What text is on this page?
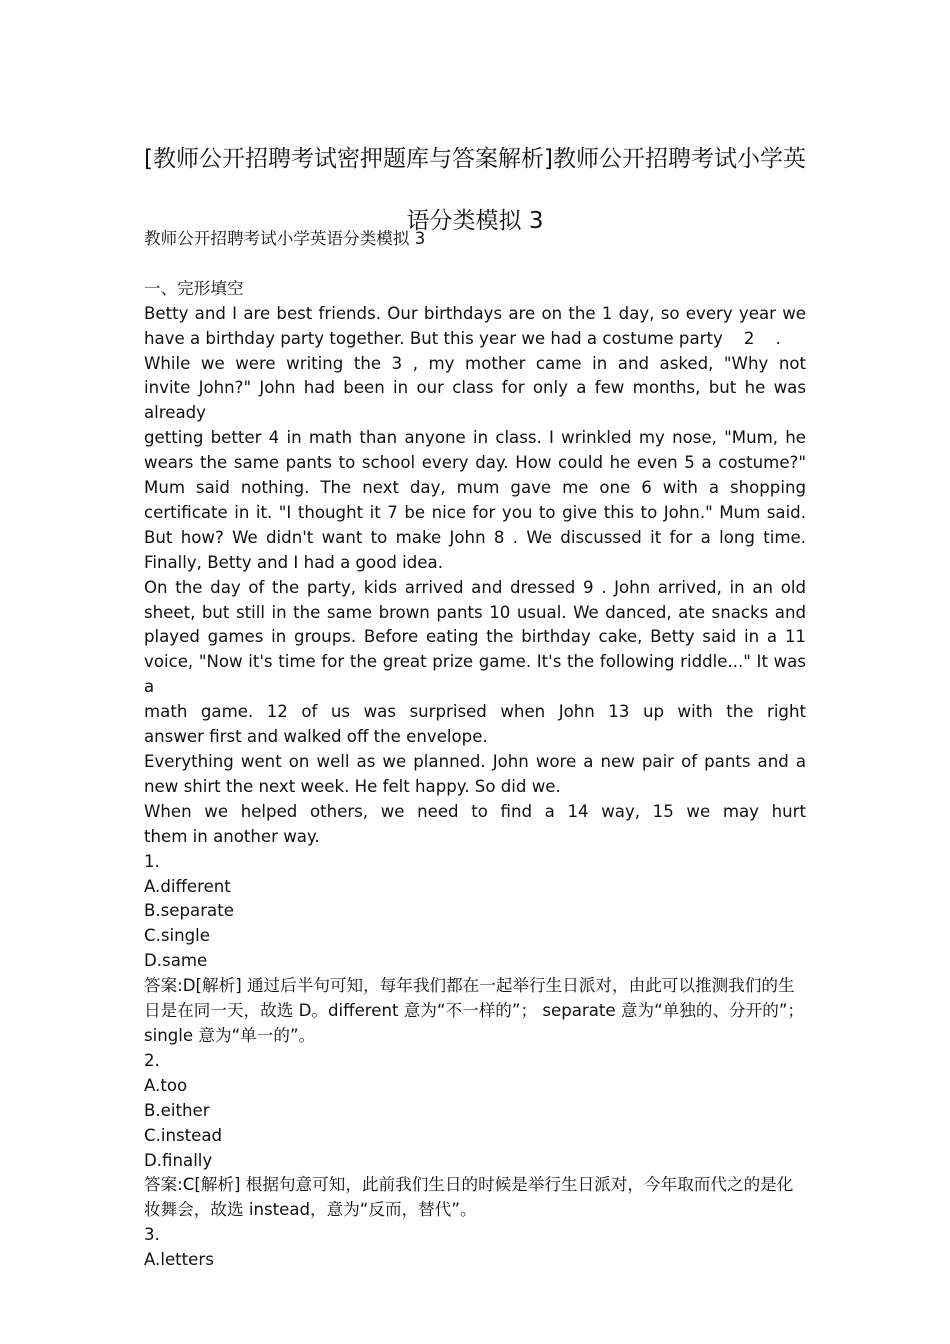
[教师公开招聘考试密押题库与答案解析]教师公开招聘考试小学英
语分类模拟 3
教师公开招聘考试小学英语分类模拟 3
一、完形填空
Betty and I are best friends. Our birthdays are on the 1 day, so every year we
have a birthday party together. But this year we had a costume party    2    .
While we were writing the 3 , my mother came in and asked, "Why not
invite John?" John had been in our class for only a few months, but he was already
getting better 4 in math than anyone in class. I wrinkled my nose, "Mum, he
wears the same pants to school every day. How could he even 5 a costume?"
Mum said nothing. The next day, mum gave me one 6 with a shopping
certificate in it. "I thought it 7 be nice for you to give this to John." Mum said.
But how? We didn't want to make John 8 . We discussed it for a long time.
Finally, Betty and I had a good idea.
On the day of the party, kids arrived and dressed 9 . John arrived, in an old
sheet, but still in the same brown pants 10 usual. We danced, ate snacks and
played games in groups. Before eating the birthday cake, Betty said in a 11
voice, "Now it's time for the great prize game. It's the following riddle..." It was a
math game. 12 of us was surprised when John 13 up with the right
answer first and walked off the envelope.
Everything went on well as we planned. John wore a new pair of pants and a
new shirt the next week. He felt happy. So did we.
When we helped others, we need to find a 14 way, 15 we may hurt
them in another way.
1.
A.different
B.separate
C.single
D.same
答案:D[解析] 通过后半句可知，每年我们都在一起举行生日派对，由此可以推测我们的生
日是在同一天，故选 D。different 意为“不一样的”； separate 意为“单独的、分开的”；
single 意为“单一的”。
2.
A.too
B.either
C.instead
D.finally
答案:C[解析] 根据句意可知，此前我们生日的时候是举行生日派对，今年取而代之的是化
妆舞会，故选 instead，意为“反而，替代”。
3.
A.letters
